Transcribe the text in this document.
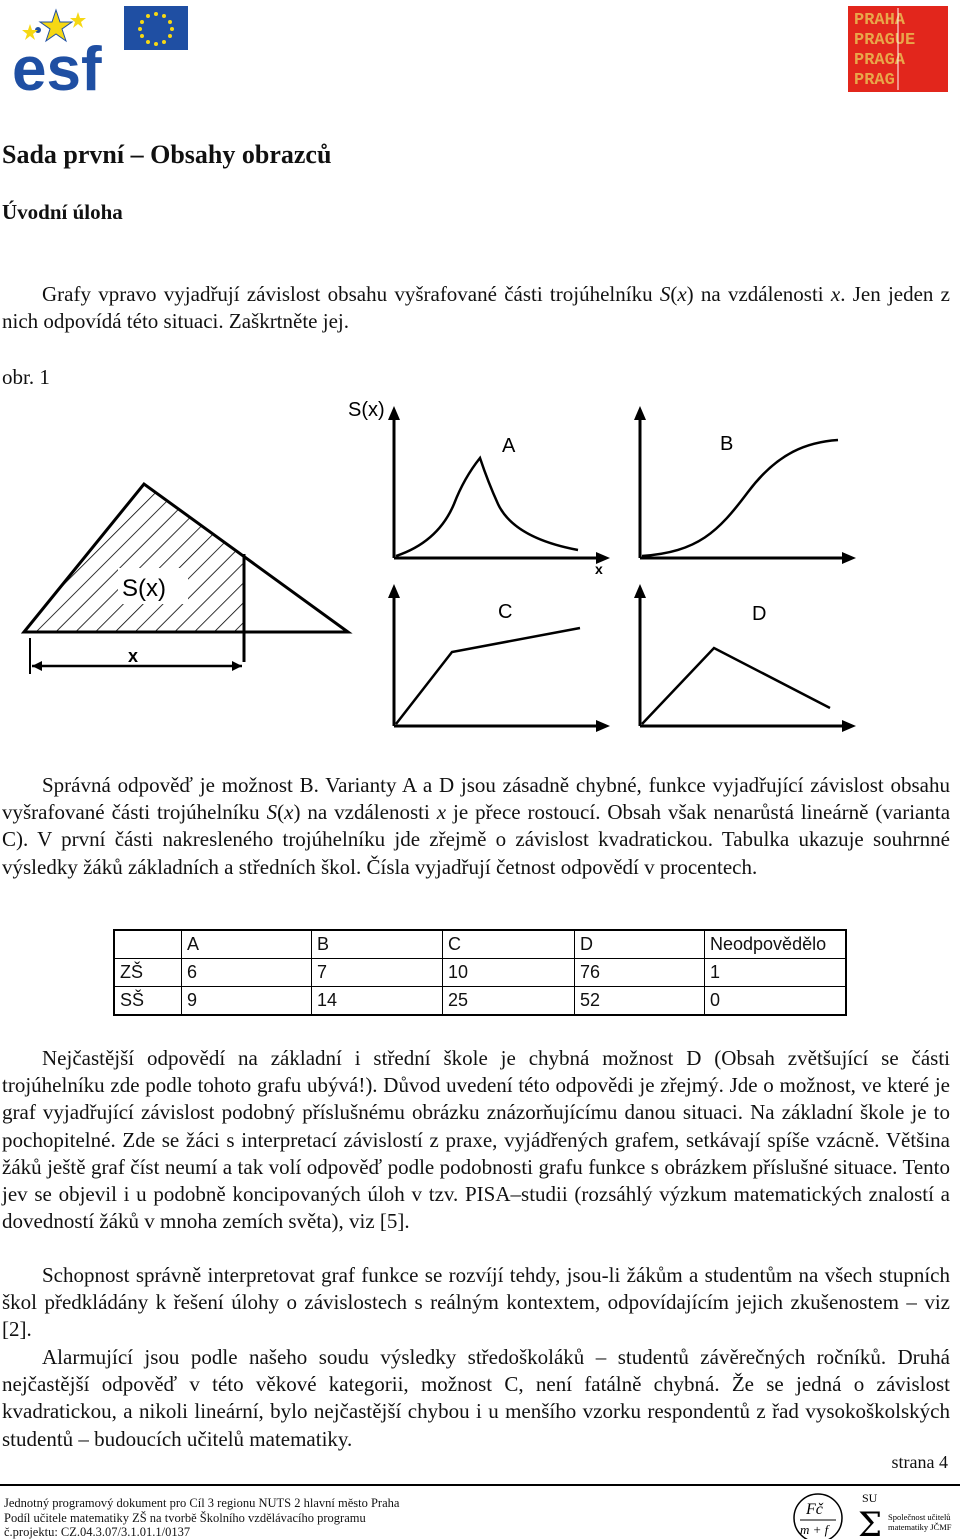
esf
PRAHA
PRAGUE
PRAGA
PRAG
Sada první – Obsahy obrazců
Úvodní úloha
Grafy vpravo vyjadřují závislost obsahu vyšrafované části trojúhelníku S(x) na vzdálenosti x. Jen jeden z nich odpovídá této situaci. Zaškrtněte jej.
obr. 1
S(x)
x
S(x)
A
x
B
C	D
Správná odpověď je možnost B. Varianty A a D jsou zásadně chybné, funkce vyjadřující závislost obsahu vyšrafované části trojúhelníku S(x) na vzdálenosti x je přece rostoucí. Obsah však nenarůstá lineárně (varianta C). V první části nakresleného trojúhelníku jde zřejmě o závislost kvadratickou. Tabulka ukazuje souhrnné výsledky žáků základních a středních škol. Čísla vyjadřují četnost odpovědí v procentech.
	A	B	C	D	Neodpovědělo
ZŠ	6	7	10	76	1
SŠ	9	14	25	52	0
Nejčastější odpovědí na základní i střední škole je chybná možnost D (Obsah zvětšující se části trojúhelníku zde podle tohoto grafu ubývá!). Důvod uvedení této odpovědi je zřejmý. Jde o možnost, ve které je graf vyjadřující závislost podobný příslušnému obrázku znázorňujícímu danou situaci. Na základní škole je to pochopitelné. Zde se žáci s interpretací závislostí z praxe, vyjádřených grafem, setkávají spíše vzácně. Většina žáků ještě graf číst neumí a tak volí odpověď podle podobnosti grafu funkce s obrázkem příslušné situace. Tento jev se objevil i u podobně koncipovaných úloh v tzv. PISA–studii (rozsáhlý výzkum matematických znalostí a dovedností žáků v mnoha zemích světa), viz [5].
Schopnost správně interpretovat graf funkce se rozvíjí tehdy, jsou-li žákům a studentům na všech stupních škol předkládány k řešení úlohy o závislostech s reálným kontextem, odpovídajícím jejich zkušenostem – viz [2].
Alarmující jsou podle našeho soudu výsledky středoškoláků – studentů závěrečných ročníků. Druhá nejčastější odpověď v této věkové kategorii, možnost C, není fatálně chybná. Že se jedná o závislost kvadratickou, a nikoli lineární, bylo nejčastější chybou i u menšího vzorku respondentů z řad vysokoškolských studentů – budoucích učitelů matematiky.
strana 4
Jednotný programový dokument pro Cíl 3 regionu NUTS 2 hlavní město Praha
Podíl učitele matematiky ZŠ na tvorbě Školního vzdělávacího programu
č.projektu: CZ.04.3.07/3.1.01.1/0137
Fč
m + f
SU
Σ Společnost učitelů
matematiky JČMF
